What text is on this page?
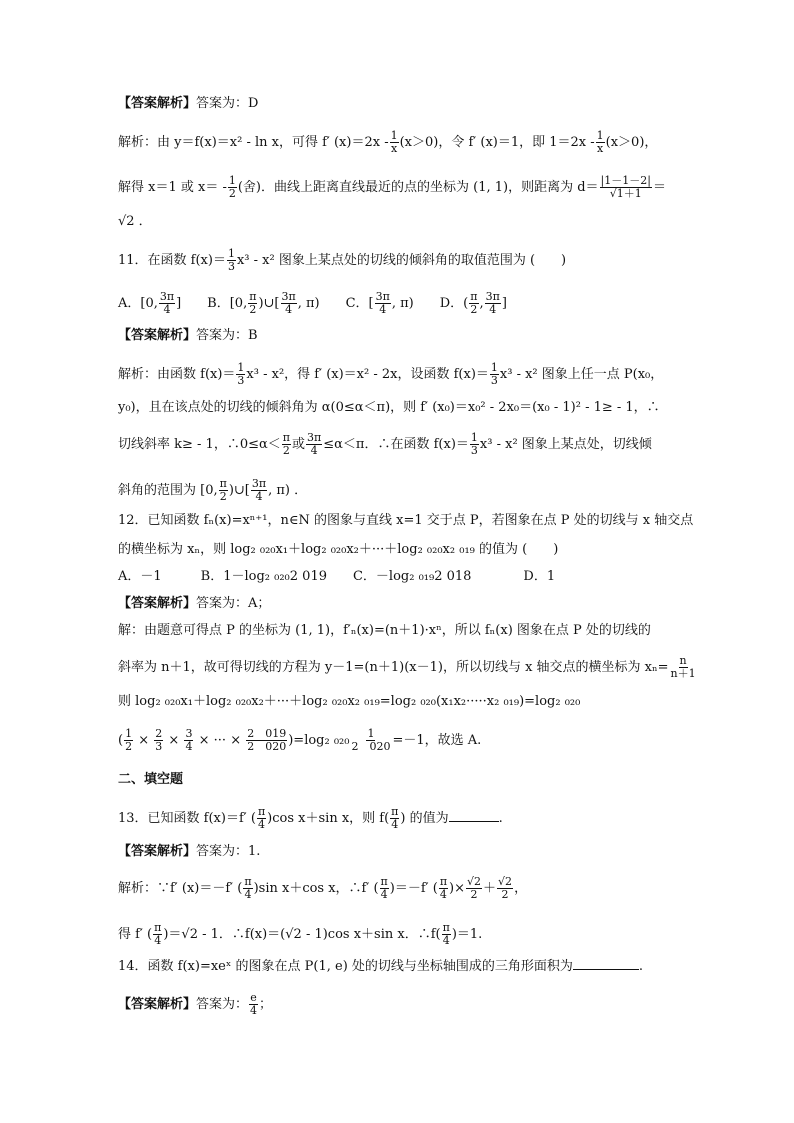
【答案解析】答案为：D
解析：由 y＝f(x)＝x² - ln x，可得 f′ $(x)=2x - \frac{1}{x} (x>0)$，令 f′ (x)＝1，即 $1=2x - \frac{1}{x} (x>0)$，
解得 x＝1 或 $x= - \frac{1}{2}$ (舍)．曲线上距离直线最近的点的坐标为 (1, 1)，则距离为 $d= \frac{|1-1-2|}{√1+1}$ ＝
√2 ．
11．在函数 $f(x)= \frac{1}{3} x^3 - x^2$ 图象上某点处的切线的倾斜角的取值范围为 (　　)
A．[0, $\frac{3\pi}{4}$ ]　　B．[0, $\frac{\pi}{2}$ )∪[ $\frac{3\pi}{4}$ , π)　　C．[ $\frac{3\pi}{4}$ , π)　　D．( $\frac{\pi}{2}$ , $\frac{3\pi}{4}$ ]
【答案解析】答案为：B
解析：由函数 $f(x)= \frac{1}{3} x^3 - x^2$，得 f′ (x)＝x² - 2x，设函数 $f(x)= \frac{1}{3} x^3 - x^2$ 图象上任一点 P(x₀，
y₀)，且在该点处的切线的倾斜角为 α(0≤α＜π)，则 f′ (x₀)＝x₀² - 2x₀＝(x₀ - 1)² - 1≥ - 1，∴
切线斜率 k≥ - 1，∴0≤α＜ $\frac{\pi}{2}$ 或 $\frac{3\pi}{4} \le\alpha<\pi$．∴在函数 $f(x)= \frac{1}{3} x^3 - x^2$ 图象上某点处，切线倾
斜角的范围为 [0, $\frac{\pi}{2}$ )∪[ $\frac{3\pi}{4}$ , π) ．
12．已知函数 fₙ(x)=xⁿ⁺¹，n∈N 的图象与直线 x=1 交于点 P，若图象在点 P 处的切线与 x 轴交点
的横坐标为 xₙ，则 log₂ ₀₂₀x₁＋log₂ ₀₂₀x₂＋···＋log₂ ₀₂₀x₂ ₀₁₉ 的值为 (　　)
A．－1　　　B．1－log₂ ₀₂₀2 019　　C．－log₂ ₀₁₉2 018　　　　D．1
【答案解析】答案为：A；
解：由题意可得点 P 的坐标为 (1, 1)，f′ₙ(x)=(n＋1)·xⁿ，所以 fₙ(x) 图象在点 P 处的切线的
斜率为 n＋1，故可得切线的方程为 y－1=(n＋1)(x－1)，所以切线与 x 轴交点的横坐标为 $x_n= \frac{n}{n+1}$
则 log₂ ₀₂₀x₁＋log₂ ₀₂₀x₂＋···＋log₂ ₀₂₀x₂ ₀₁₉=log₂ ₀₂₀(x₁x₂·····x₂ ₀₁₉)=log₂ ₀₂₀
( $\frac{1}{2} \times \frac{2}{3} \times \frac{3}{4}$ × ··· × $\frac{2 019}{2 020} )=\log_2$ $_{020} \frac{1}{2 020} =-1$，故选 A.
二、填空题
13．已知函数 f(x)＝f′ ( $\frac{\pi}{4} )\cos$ x＋sin x，则 $f( \frac{\pi}{4}$ ) 的值为	.
【答案解析】答案为：1.
解析：∵f′ (x)＝－f′ ( $\frac{\pi}{4} )\sin$ x＋cos x，∴f′ ( $\frac{\pi}{4} )=-f'$ ( $\frac{\pi}{4}$ )× $\frac{√2}{2} + \frac{√2}{2}$ ，
得 f′ ( $\frac{\pi}{4} )=√2 - 1$．∴f(x)＝(√2 - 1)cos x＋sin x．∴f( $\frac{\pi}{4} )=1$.
14．函数 f(x)=xeˣ 的图象在点 P(1, e) 处的切线与坐标轴围成的三角形面积为	.
【答案解析】答案为： $\frac{e}{4}$ ；
